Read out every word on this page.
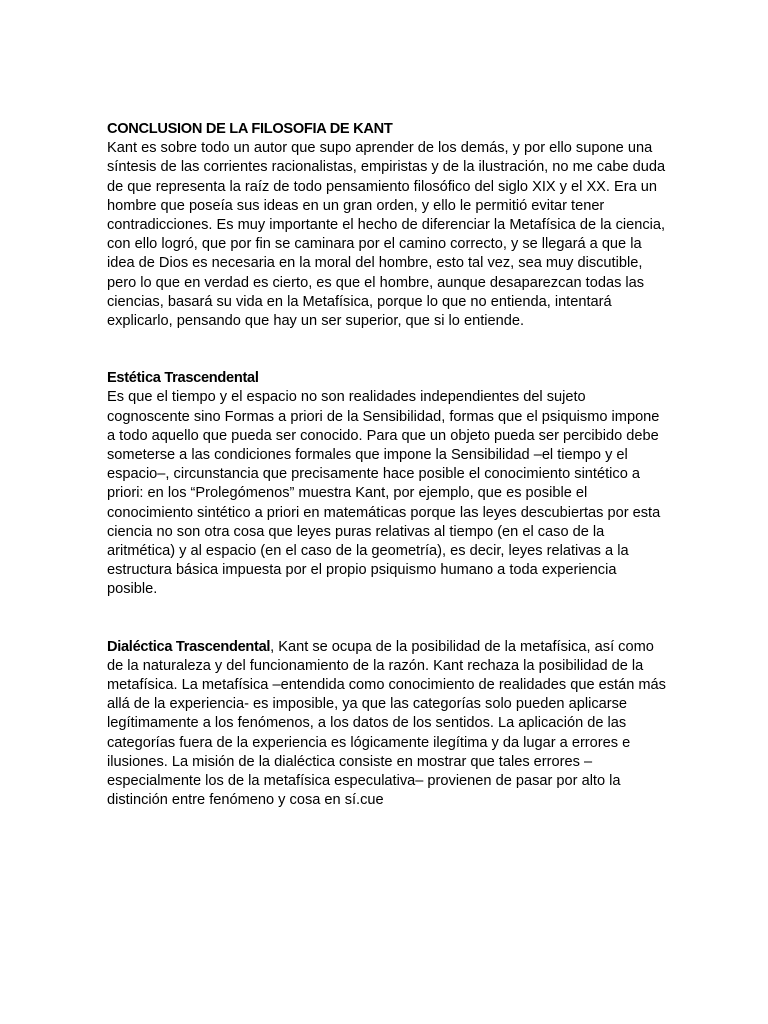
CONCLUSION DE LA FILOSOFIA DE KANT
Kant es sobre todo un autor que supo aprender de los demás, y por ello supone una síntesis de las corrientes racionalistas, empiristas y de la ilustración, no me cabe duda de que representa la raíz de todo pensamiento filosófico del siglo XIX y el XX. Era un hombre que poseía sus ideas en un gran orden, y ello le permitió evitar tener contradicciones. Es muy importante el hecho de diferenciar la Metafísica de la ciencia, con ello logró, que por fin se caminara por el camino correcto, y se llegará a que la idea de Dios es necesaria en la moral del hombre, esto tal vez, sea muy discutible, pero lo que en verdad es cierto, es que el hombre, aunque desaparezcan todas las ciencias, basará su vida en la Metafísica, porque lo que no entienda, intentará explicarlo, pensando que hay un ser superior, que si lo entiende.
Estética Trascendental
Es que el tiempo y el espacio no son realidades independientes del sujeto cognoscente sino Formas a priori de la Sensibilidad, formas que el psiquismo impone a todo aquello que pueda ser conocido. Para que un objeto pueda ser percibido debe someterse a las condiciones formales que impone la Sensibilidad –el tiempo y el espacio–, circunstancia que precisamente hace posible el conocimiento sintético a priori: en los “Prolegómenos” muestra Kant, por ejemplo, que es posible el conocimiento sintético a priori en matemáticas porque las leyes descubiertas por esta ciencia no son otra cosa que leyes puras relativas al tiempo (en el caso de la aritmética) y al espacio (en el caso de la geometría), es decir, leyes relativas a la estructura básica impuesta por el propio psiquismo humano a toda experiencia posible.
Dialéctica Trascendental, Kant se ocupa de la posibilidad de la metafísica, así como de la naturaleza y del funcionamiento de la razón. Kant rechaza la posibilidad de la metafísica. La metafísica –entendida como conocimiento de realidades que están más allá de la experiencia- es imposible, ya que las categorías solo pueden aplicarse legítimamente a los fenómenos, a los datos de los sentidos. La aplicación de las categorías fuera de la experiencia es lógicamente ilegítima y da lugar a errores e ilusiones. La misión de la dialéctica consiste en mostrar que tales errores –especialmente los de la metafísica especulativa– provienen de pasar por alto la distinción entre fenómeno y cosa en sí.cue
